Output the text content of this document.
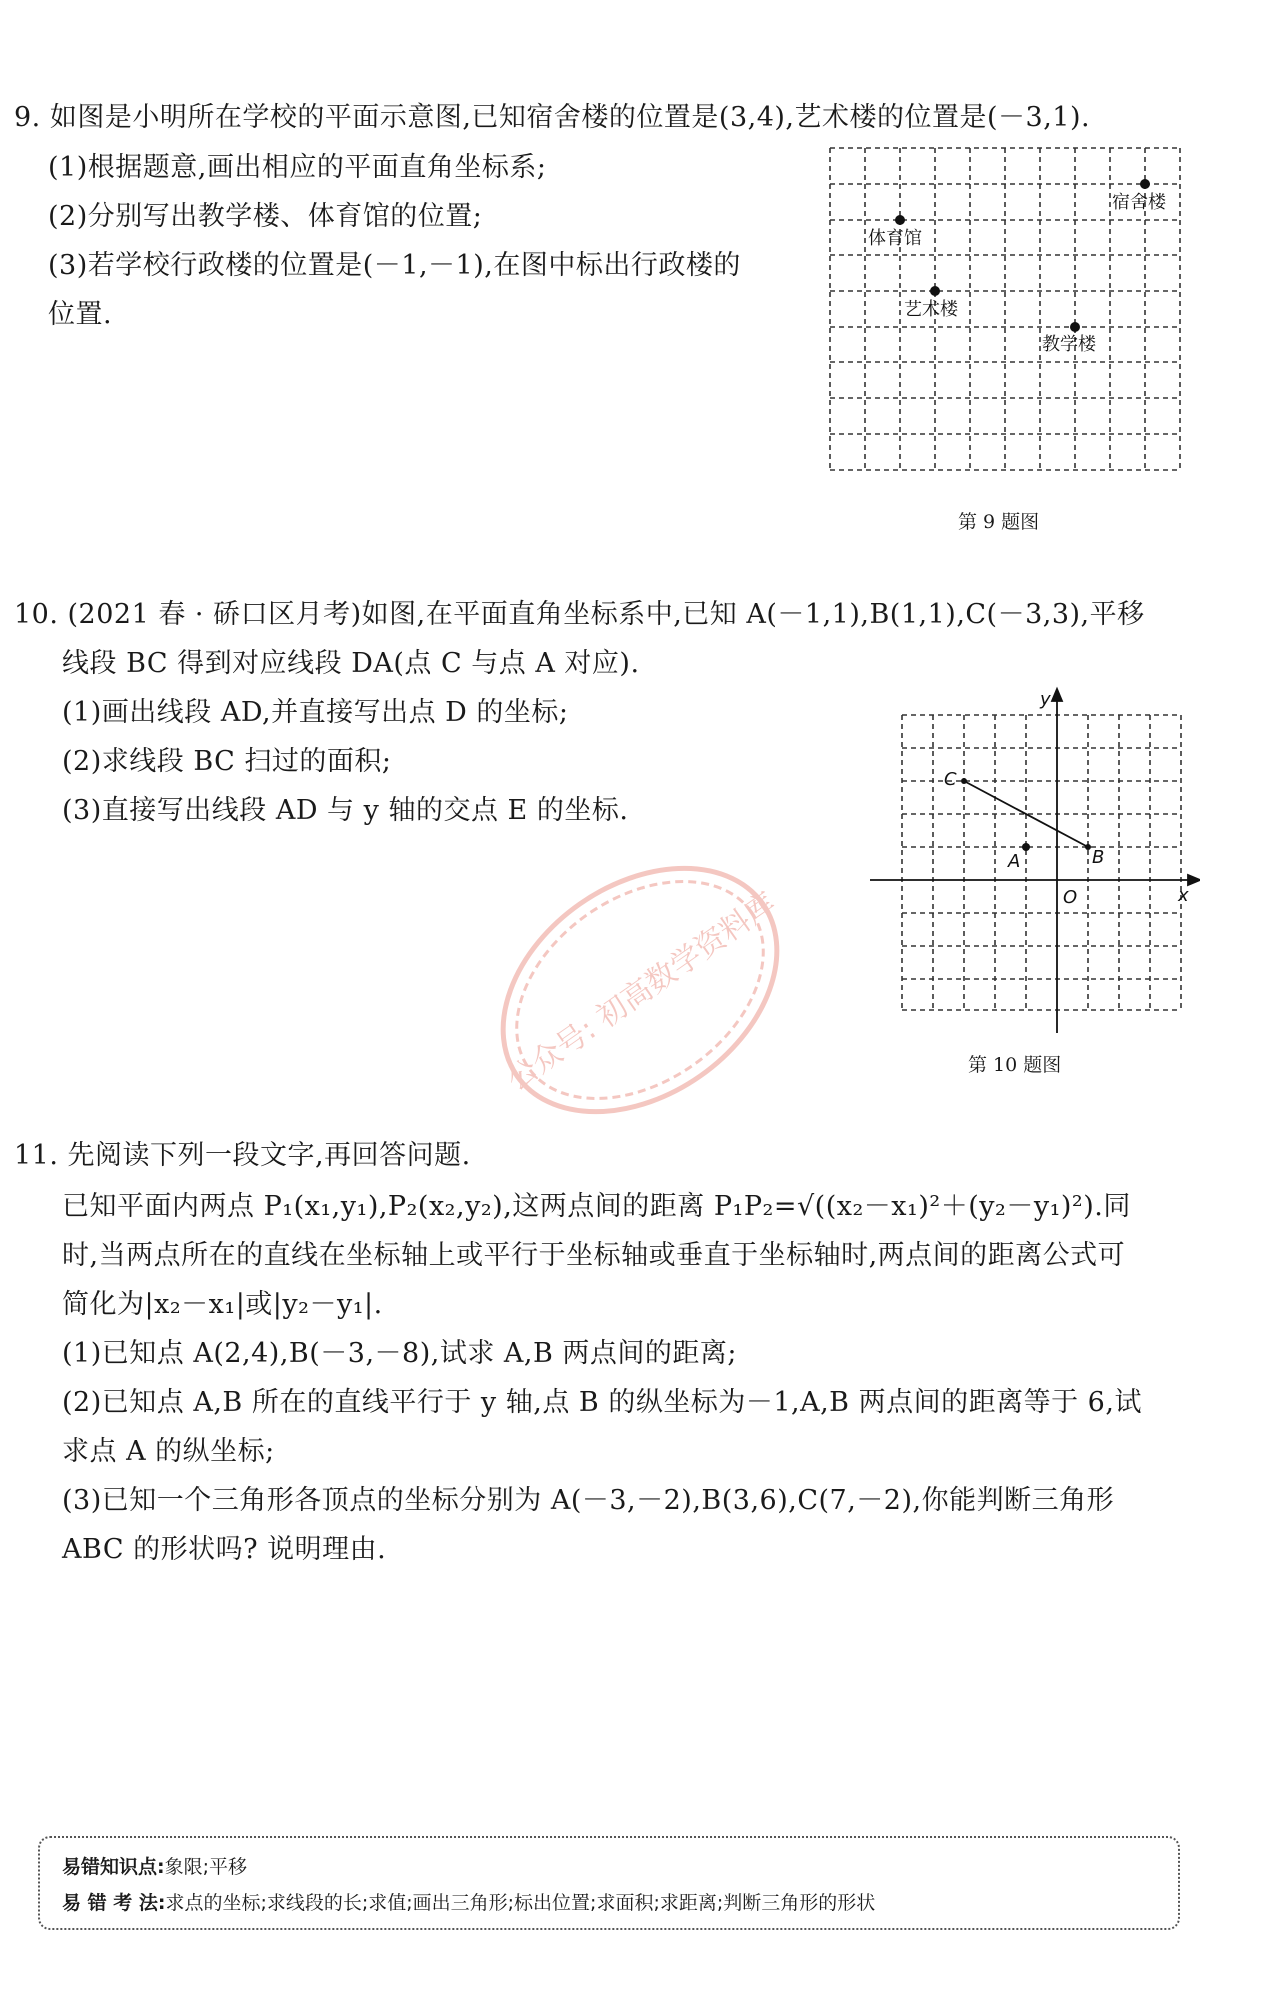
9. 如图是小明所在学校的平面示意图,已知宿舍楼的位置是(3,4),艺术楼的位置是(－3,1).
(1)根据题意,画出相应的平面直角坐标系;
(2)分别写出教学楼、体育馆的位置;
(3)若学校行政楼的位置是(－1,－1),在图中标出行政楼的
位置.
宿舍楼
体育馆
艺术楼
教学楼
第 9 题图
10. (2021 春 · 硚口区月考)如图,在平面直角坐标系中,已知 A(－1,1),B(1,1),C(－3,3),平移
线段 BC 得到对应线段 DA(点 C 与点 A 对应).
(1)画出线段 AD,并直接写出点 D 的坐标;
(2)求线段 BC 扫过的面积;
(3)直接写出线段 AD 与 y 轴的交点 E 的坐标.
y
x
O
C
B
A
第 10 题图
公众号: 初高数学资料库
11. 先阅读下列一段文字,再回答问题.
已知平面内两点 P₁(x₁,y₁),P₂(x₂,y₂),这两点间的距离 P₁P₂=√((x₂－x₁)²＋(y₂－y₁)²).同
时,当两点所在的直线在坐标轴上或平行于坐标轴或垂直于坐标轴时,两点间的距离公式可
简化为|x₂－x₁|或|y₂－y₁|.
(1)已知点 A(2,4),B(－3,－8),试求 A,B 两点间的距离;
(2)已知点 A,B 所在的直线平行于 y 轴,点 B 的纵坐标为－1,A,B 两点间的距离等于 6,试
求点 A 的纵坐标;
(3)已知一个三角形各顶点的坐标分别为 A(－3,－2),B(3,6),C(7,－2),你能判断三角形
ABC 的形状吗? 说明理由.
易错知识点:象限;平移
易 错 考 法:求点的坐标;求线段的长;求值;画出三角形;标出位置;求面积;求距离;判断三角形的形状
